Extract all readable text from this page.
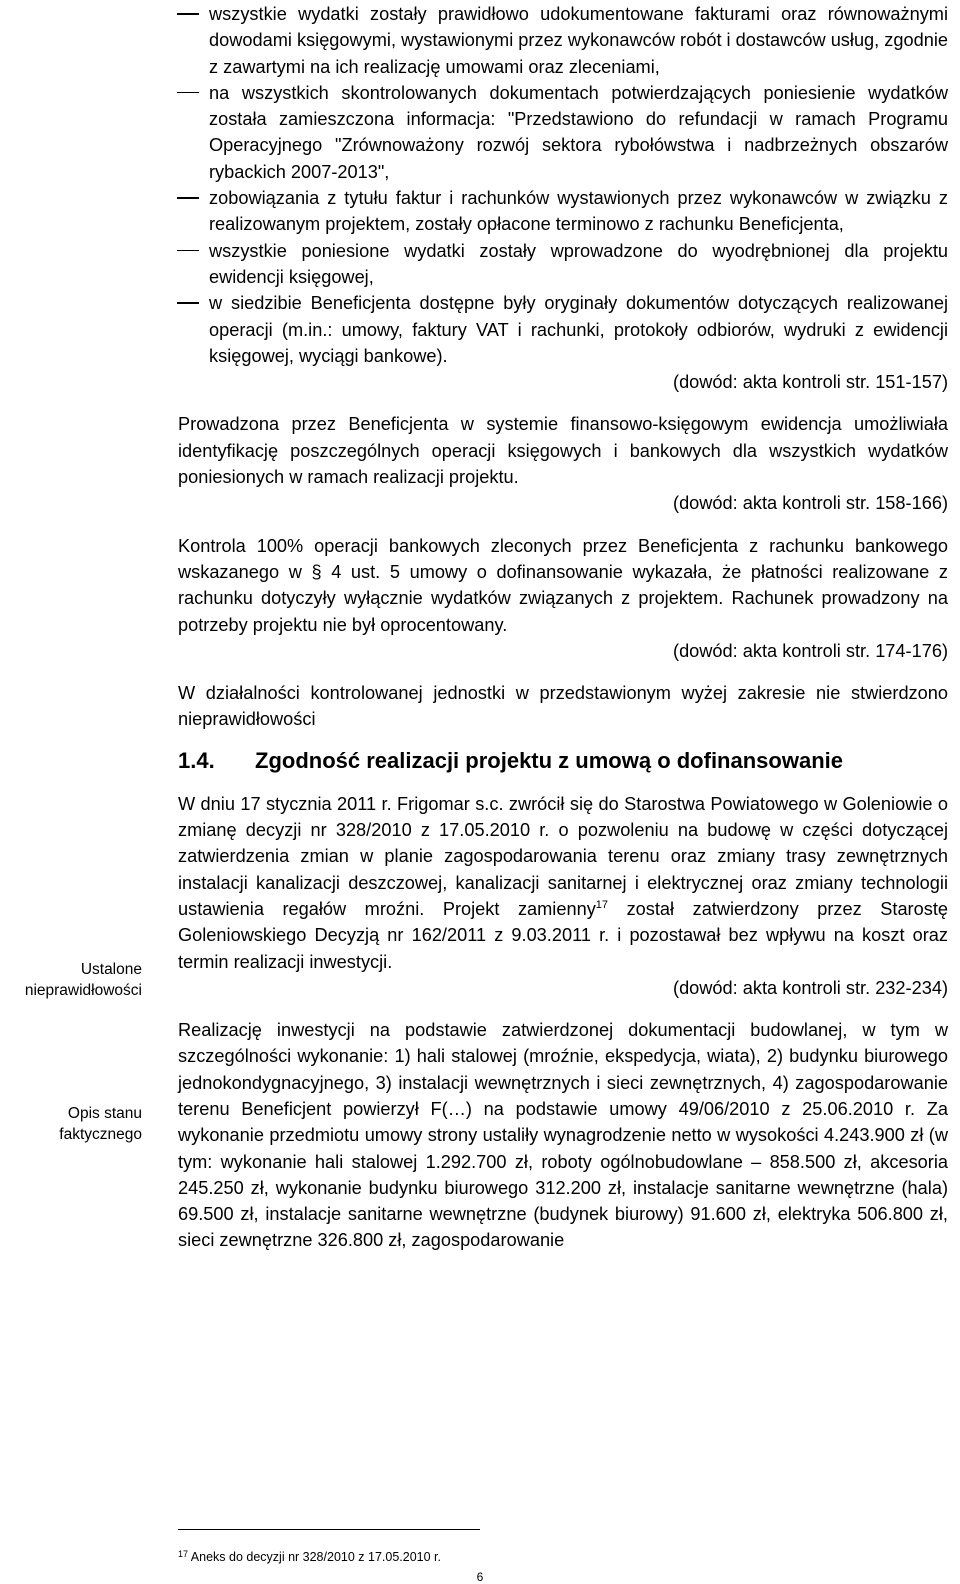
wszystkie wydatki zostały prawidłowo udokumentowane fakturami oraz równoważnymi dowodami księgowymi, wystawionymi przez wykonawców robót i dostawców usług, zgodnie z zawartymi na ich realizację umowami oraz zleceniami,
na wszystkich skontrolowanych dokumentach potwierdzających poniesienie wydatków została zamieszczona informacja: "Przedstawiono do refundacji w ramach Programu Operacyjnego "Zrównoważony rozwój sektora rybołówstwa i nadbrzeżnych obszarów rybackich 2007-2013",
zobowiązania z tytułu faktur i rachunków wystawionych przez wykonawców w związku z realizowanym projektem, zostały opłacone terminowo z rachunku Beneficjenta,
wszystkie poniesione wydatki zostały wprowadzone do wyodrębnionej dla projektu ewidencji księgowej,
w siedzibie Beneficjenta dostępne były oryginały dokumentów dotyczących realizowanej operacji (m.in.: umowy, faktury VAT i rachunki, protokoły odbiorów, wydruki z ewidencji księgowej, wyciągi bankowe).
(dowód: akta kontroli str. 151-157)

Prowadzona przez Beneficjenta w systemie finansowo-księgowym ewidencja umożliwiała identyfikację poszczególnych operacji księgowych i bankowych dla wszystkich wydatków poniesionych w ramach realizacji projektu.

(dowód: akta kontroli str. 158-166)

Kontrola 100% operacji bankowych zleconych przez Beneficjenta z rachunku bankowego wskazanego w § 4 ust. 5 umowy o dofinansowanie wykazała, że płatności realizowane z rachunku dotyczyły wyłącznie wydatków związanych z projektem. Rachunek prowadzony na potrzeby projektu nie był oprocentowany.

(dowód: akta kontroli str. 174-176)

W działalności kontrolowanej jednostki w przedstawionym wyżej zakresie nie stwierdzono nieprawidłowości

1.4. Zgodność realizacji projektu z umową o dofinansowanie

W dniu 17 stycznia 2011 r. Frigomar s.c. zwrócił się do Starostwa Powiatowego w Goleniowie o zmianę decyzji nr 328/2010 z 17.05.2010 r. o pozwoleniu na budowę w części dotyczącej zatwierdzenia zmian w planie zagospodarowania terenu oraz zmiany trasy zewnętrznych instalacji kanalizacji deszczowej, kanalizacji sanitarnej i elektrycznej oraz zmiany technologii ustawienia regałów mroźni. Projekt zamienny$^{17}$ został zatwierdzony przez Starostę Goleniowskiego Decyzją nr 162/2011 z 9.03.2011 r. i pozostawał bez wpływu na koszt oraz termin realizacji inwestycji.

(dowód: akta kontroli str. 232-234)

Realizację inwestycji na podstawie zatwierdzonej dokumentacji budowlanej, w tym w szczególności wykonanie: 1) hali stalowej (mroźnie, ekspedycja, wiata), 2) budynku biurowego jednokondygnacyjnego, 3) instalacji wewnętrznych i sieci zewnętrznych, 4) zagospodarowanie terenu Beneficjent powierzył F(…) na podstawie umowy 49/06/2010 z 25.06.2010 r. Za wykonanie przedmiotu umowy strony ustaliły wynagrodzenie netto w wysokości 4.243.900 zł (w tym: wykonanie hali stalowej 1.292.700 zł, roboty ogólnobudowlane – 858.500 zł, akcesoria 245.250 zł, wykonanie budynku biurowego 312.200 zł, instalacje sanitarne wewnętrzne (hala) 69.500 zł, instalacje sanitarne wewnętrzne (budynek biurowy) 91.600 zł, elektryka 506.800 zł, sieci zewnętrzne 326.800 zł, zagospodarowanie

Ustalone nieprawidłowości
Opis stanu faktycznego
$^{17}$ Aneks do decyzji nr 328/2010 z 17.05.2010 r.
6
